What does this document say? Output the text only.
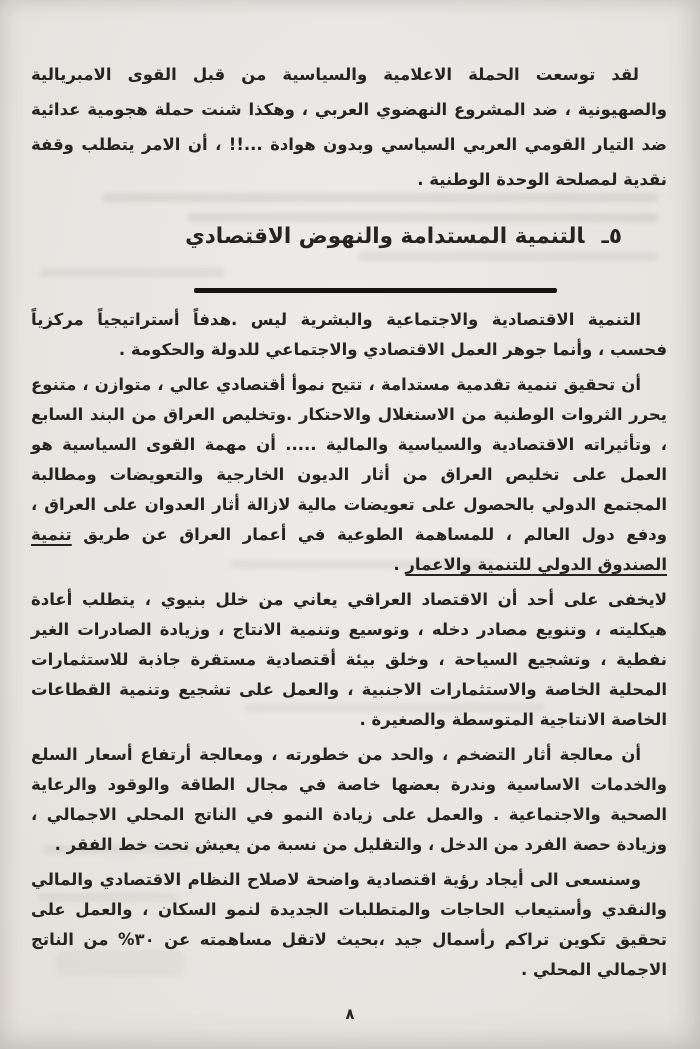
لقد توسعت الحملة الاعلامية والسياسية من قبل القوى الامبريالية والصهيونية ، ضد المشروع النهضوي العربي ، وهكذا شنت حملة هجومية عدائية ضد التيار القومي العربي السياسي وبدون هوادة ...!! ، أن الامر يتطلب وقفة نقدية لمصلحة الوحدة الوطنية .

٥ـالتنمية المستدامة والنهوض الاقتصادي

التنمية الاقتصادية والاجتماعية والبشرية ليس .هدفاً أستراتيجياً مركزياً فحسب ، وأنما جوهر العمل الاقتصادي والاجتماعي للدولة والحكومة .

أن تحقيق تنمية تقدمية مستدامة ، تتيح نموأ أقتصادي عالي ، متوازن ، متنوع يحرر الثروات الوطنية من الاستغلال والاحتكار .وتخليص العراق من البند السابع ، وتأثيراته الاقتصادية والسياسية والمالية ..... أن مهمة القوى السياسية هو العمل على تخليص العراق من أثار الديون الخارجية والتعويضات ومطالبة المجتمع الدولي بالحصول على تعويضات مالية لازالة أثار العدوان على العراق ، ودفع دول العالم ، للمساهمة الطوعية في أعمار العراق عن طريق تنمية الصندوق الدولي للتنمية والاعمار .

لايخفى على أحد أن الاقتصاد العراقي يعاني من خلل بنيوي ، يتطلب أعادة هيكليته ، وتنويع مصادر دخله ، وتوسيع وتنمية الانتاج ، وزيادة الصادرات الغير نفطية ، وتشجيع السياحة ، وخلق بيئة أقتصادية مستقرة جاذبة للاستثمارات المحلية الخاصة والاستثمارات الاجنبية ، والعمل على تشجيع وتنمية القطاعات الخاصة الانتاجية المتوسطة والصغيرة .

أن معالجة أثار التضخم ، والحد من خطورته ، ومعالجة أرتفاع أسعار السلع والخدمات الاساسية وندرة بعضها خاصة في مجال الطاقة والوقود والرعاية الصحية والاجتماعية . والعمل على زيادة النمو في الناتج المحلي الاجمالي ، وزيادة حصة الفرد من الدخل ، والتقليل من نسبة من يعيش تحت خط الفقر .

وسنسعى الى أيجاد رؤية اقتصادية واضحة لاصلاح النظام الاقتصادي والمالي والنقدي وأستيعاب الحاجات والمتطلبات الجديدة لنمو السكان ، والعمل على تحقيق تكوين تراكم رأسمال جيد ،بحيث لاتقل مساهمته عن ٣٠% من الناتج الاجمالي المحلي .

٨
